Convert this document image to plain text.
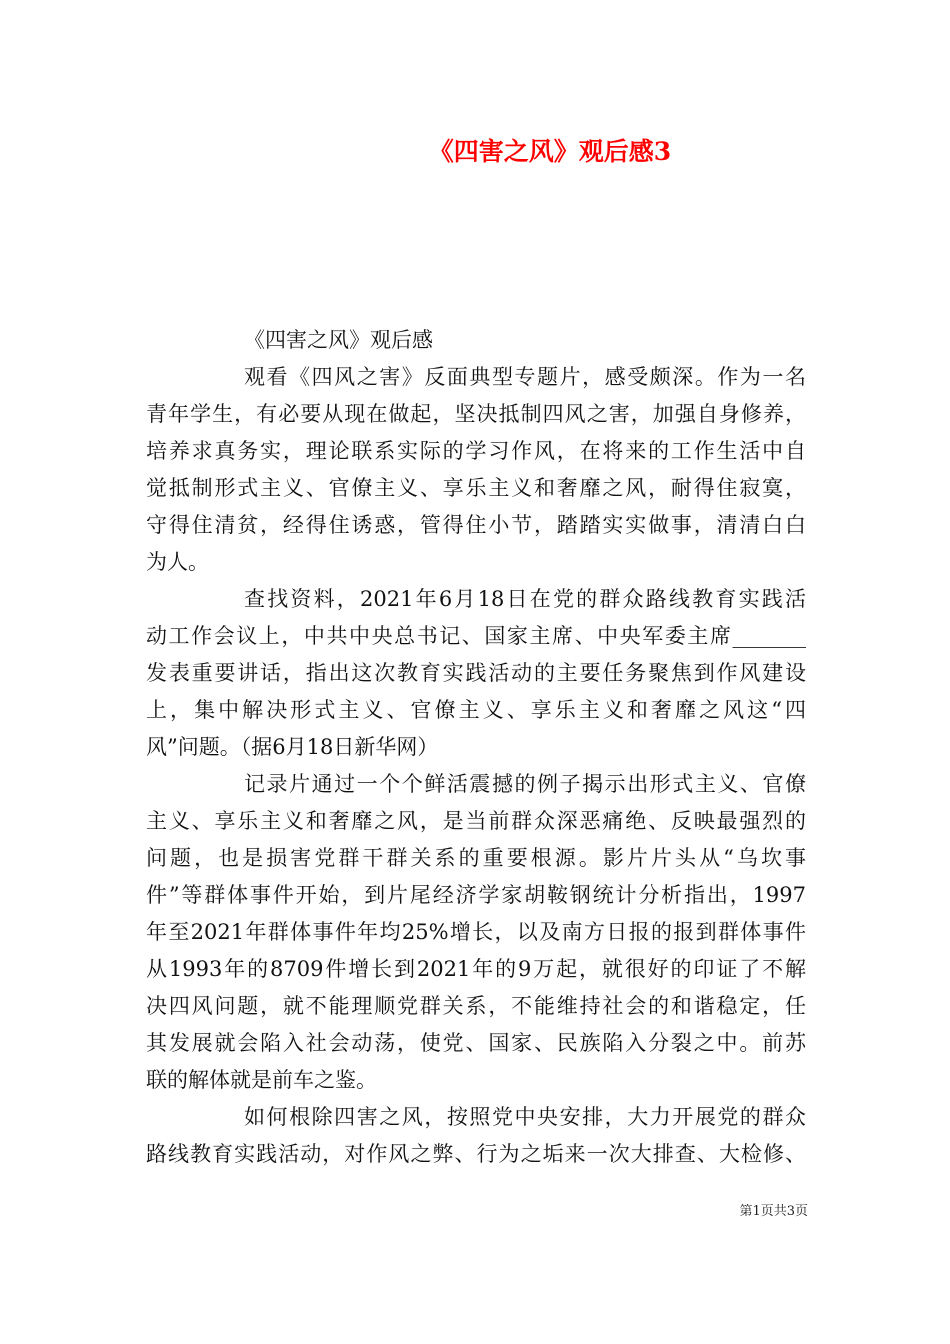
《四害之风》观后感3
《四害之风》观后感
观看《四风之害》反面典型专题片，感受颇深。作为一名
青年学生，有必要从现在做起，坚决抵制四风之害，加强自身修养，
培养求真务实，理论联系实际的学习作风，在将来的工作生活中自
觉抵制形式主义、官僚主义、享乐主义和奢靡之风，耐得住寂寞，
守得住清贫，经得住诱惑，管得住小节，踏踏实实做事，清清白白
为人。
查找资料，2021年6月18日在党的群众路线教育实践活
动工作会议上，中共中央总书记、国家主席、中央军委主席_______
发表重要讲话，指出这次教育实践活动的主要任务聚焦到作风建设
上，集中解决形式主义、官僚主义、享乐主义和奢靡之风这“四
风”问题。（据6月18日新华网）
记录片通过一个个鲜活震撼的例子揭示出形式主义、官僚
主义、享乐主义和奢靡之风，是当前群众深恶痛绝、反映最强烈的
问题，也是损害党群干群关系的重要根源。影片片头从“乌坎事
件”等群体事件开始，到片尾经济学家胡鞍钢统计分析指出，1997
年至2021年群体事件年均25%增长，以及南方日报的报到群体事件
从1993年的8709件增长到2021年的9万起，就很好的印证了不解
决四风问题，就不能理顺党群关系，不能维持社会的和谐稳定，任
其发展就会陷入社会动荡，使党、国家、民族陷入分裂之中。前苏
联的解体就是前车之鉴。
如何根除四害之风，按照党中央安排，大力开展党的群众
路线教育实践活动，对作风之弊、行为之垢来一次大排查、大检修、
第1页共3页
